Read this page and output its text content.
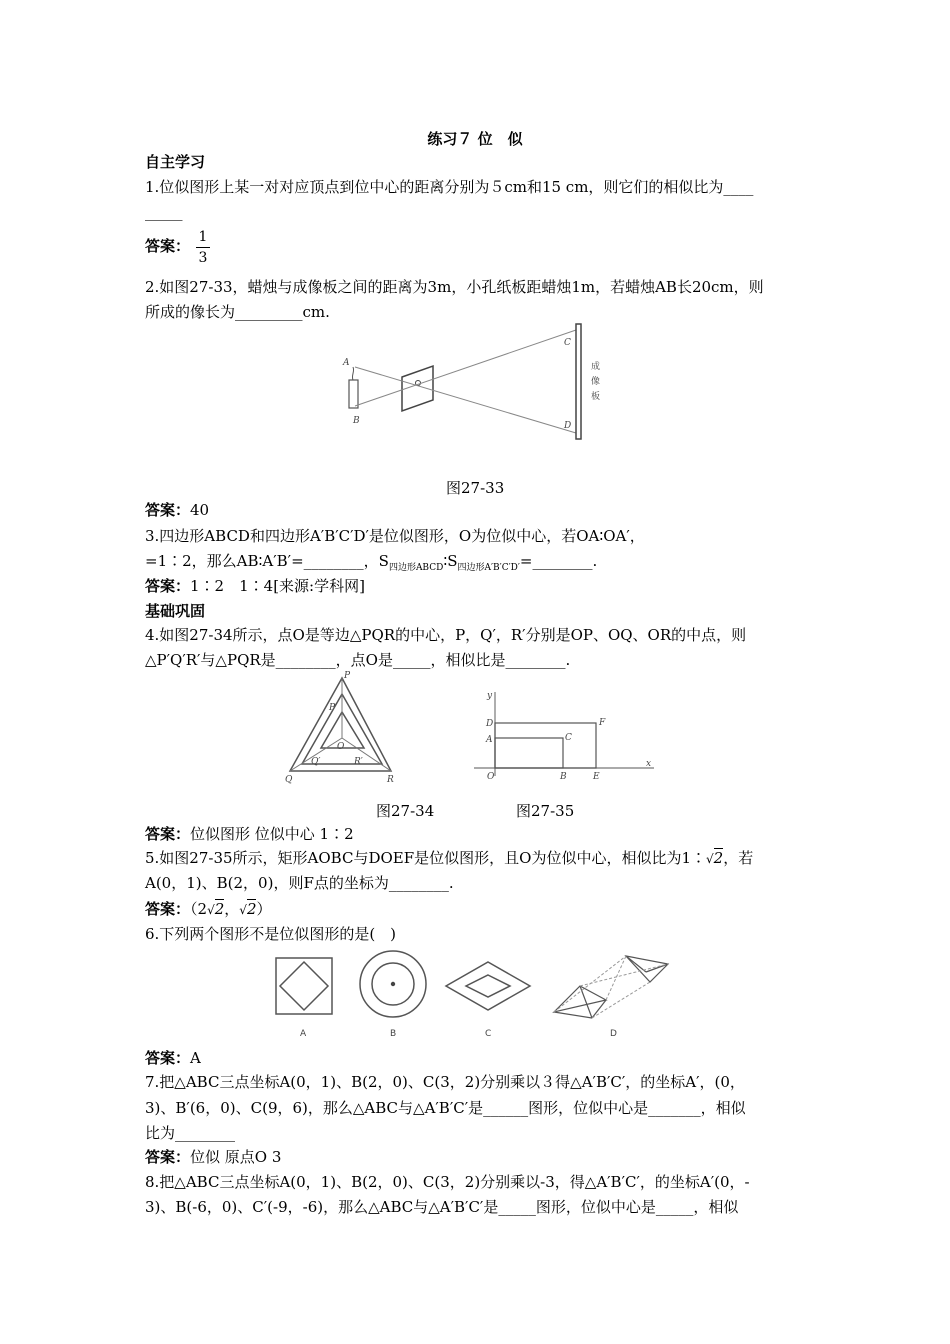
练习７ 位　似
自主学习
1.位似图形上某一对对应顶点到位中心的距离分别为５cm和15 cm，则它们的相似比为____
_____
答案： 1
3
2.如图27-33，蜡烛与成像板之间的距离为3m，小孔纸板距蜡烛1m，若蜡烛AB长20cm，则
所成的像长为_________cm.
A
B
C
D
成
像
板
图27-33
答案：40
3.四边形ABCD和四边形A′B′C′D′是位似图形，O为位似中心，若OA∶OA′，
=1∶2，那么AB∶A′B′=________，$S_{四边形ABCD}∶S_{四边形A'B'C'D'}=\_\_\_\_\_\_\_\_$.
答案：1∶2　1∶4[来源:学科网]
基础巩固
4.如图27-34所示，点O是等边△PQR的中心，P，Q′，R′分别是OP、OQ、OR的中点，则
△P′Q′R′与△PQR是________，点O是_____，相似比是________.
P
P′
O
Q′	R′
Q	R
y
x
O
D
A	C
F
B	E
图27-34	图27-35
答案：位似图形 位似中心 1∶2
5.如图27-35所示，矩形AOBC与DOEF是位似图形，且O为位似中心，相似比为1∶√2，若
A(0，1)、B(2，0)，则F点的坐标为________.
答案：（2√2，√2）
6.下列两个图形不是位似图形的是(　)
A	B	C	D
答案：A
7.把△ABC三点坐标A(0，1)、B(2，0)、C(3，2)分别乘以３得△A′B′C′，的坐标A′，(0，
3)、B′(6，0)、C(9，6)，那么△ABC与△A′B′C′是______图形，位似中心是_______，相似
比为________
答案：位似 原点O 3
8.把△ABC三点坐标A(0，1)、B(2，0)、C(3，2)分别乘以-3，得△A′B′C′，的坐标A′(0，-
3)、B(-6，0)、C′(-9，-6)，那么△ABC与△A′B′C′是_____图形，位似中心是_____，相似
